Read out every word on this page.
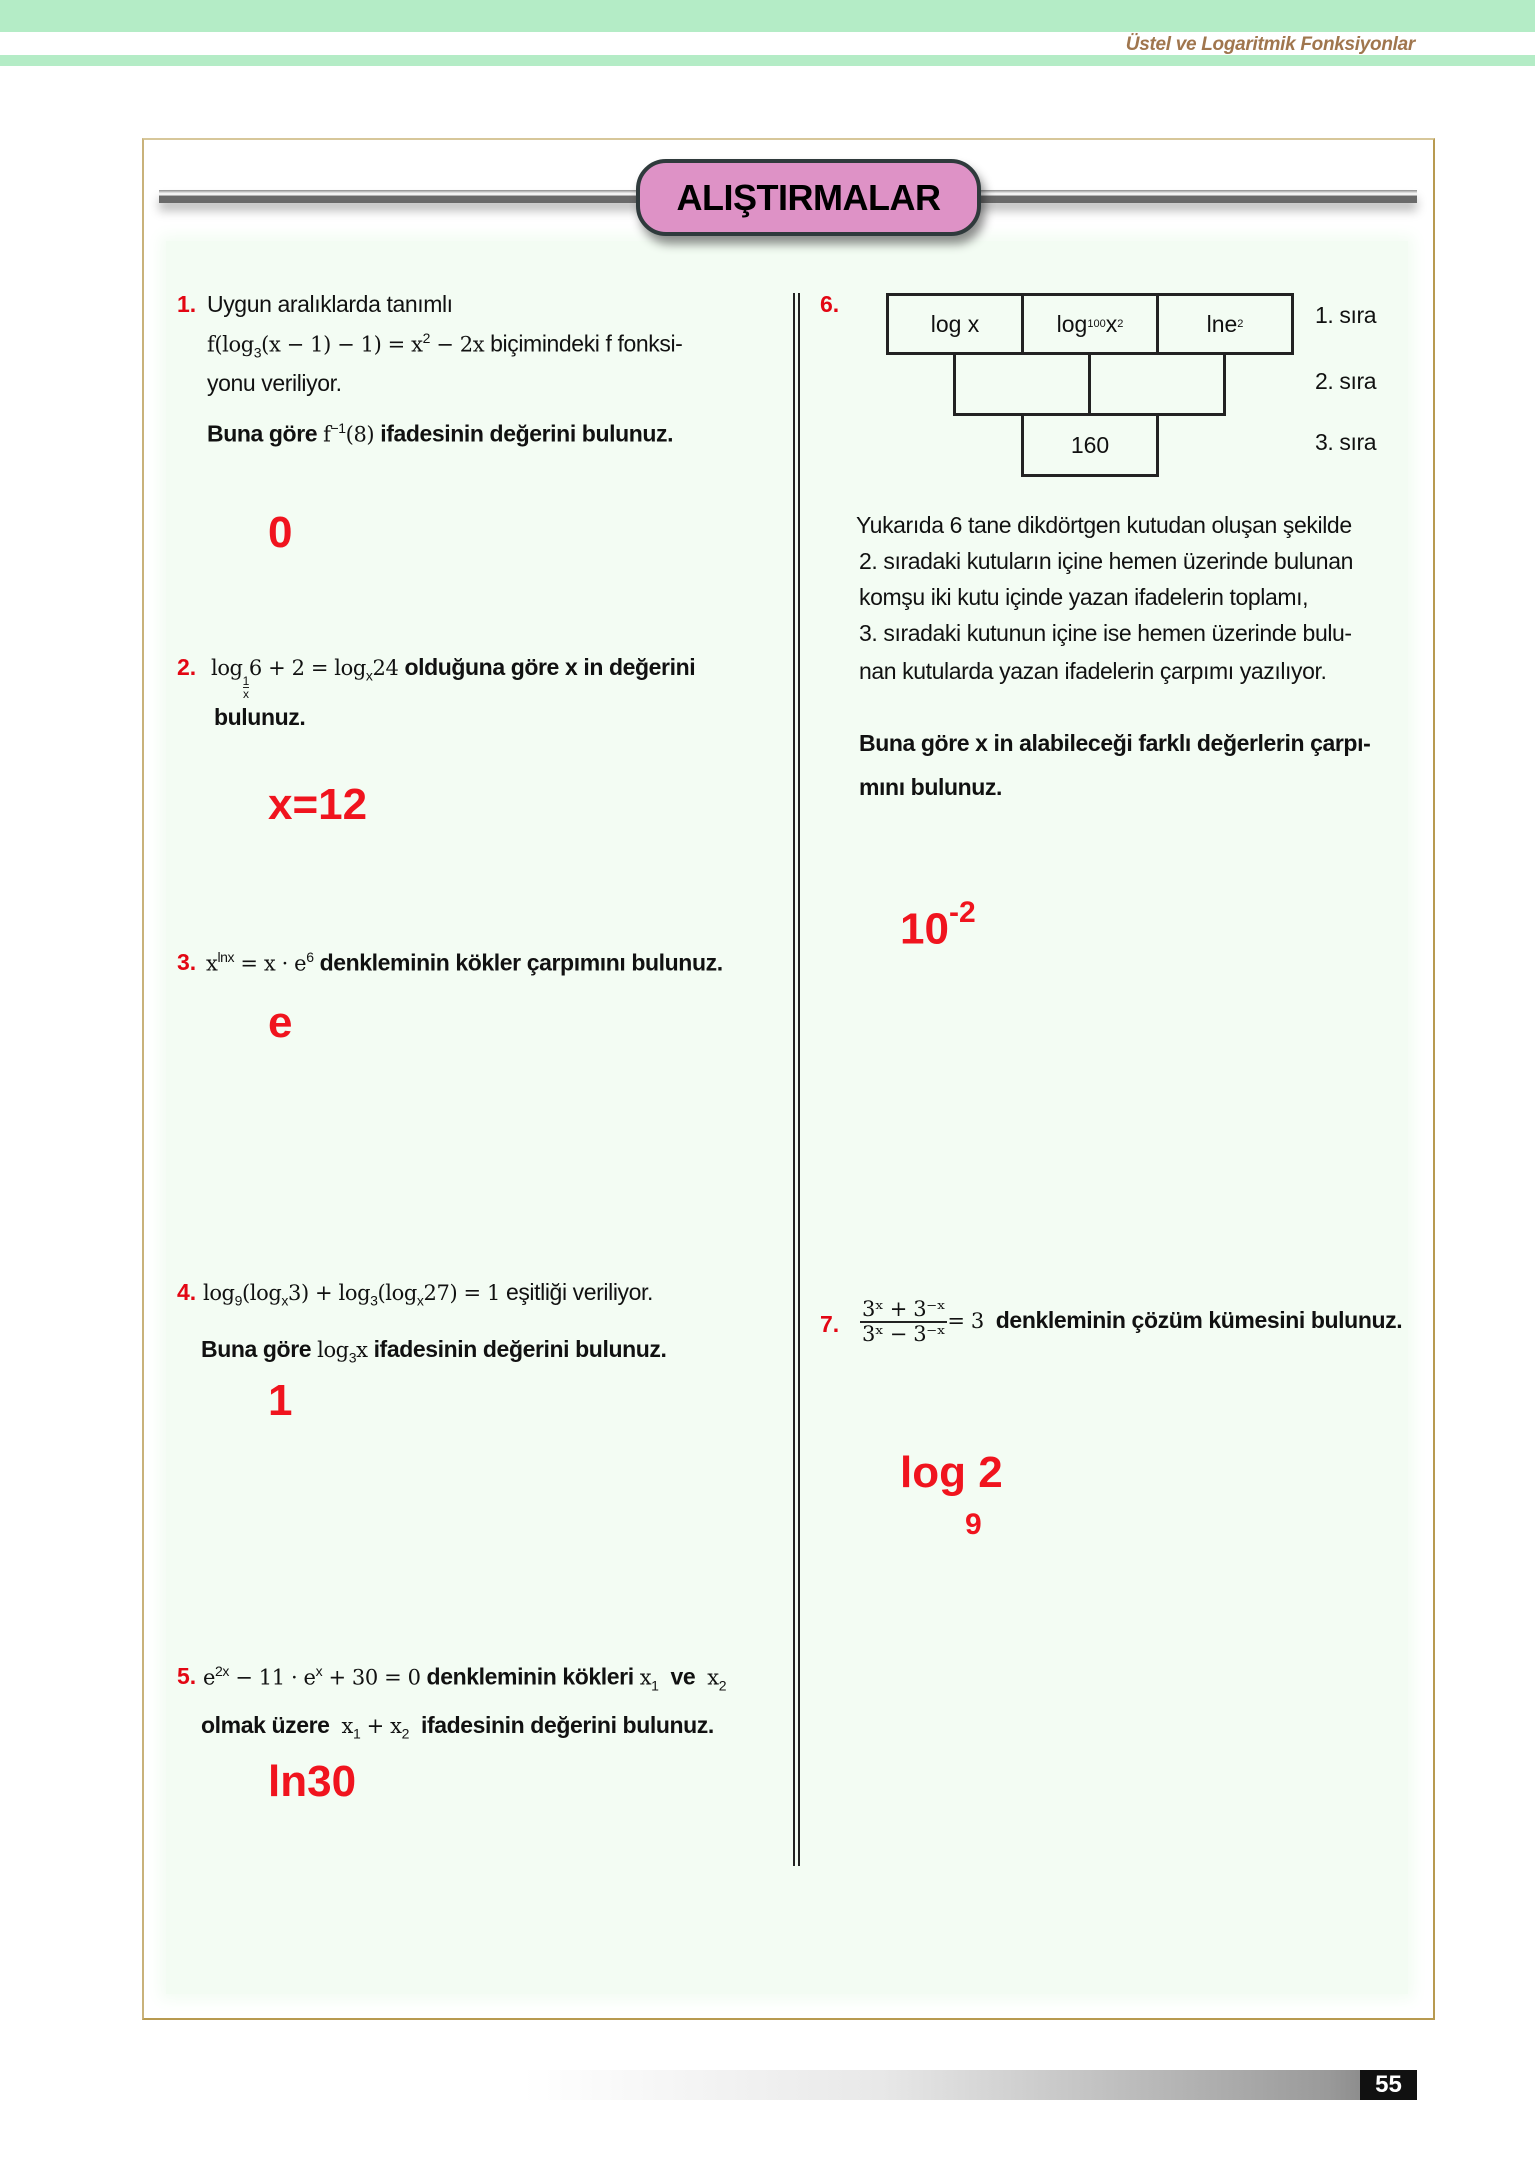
Üstel ve Logaritmik Fonksiyonlar
ALIŞTIRMALAR
1. Uygun aralıklarda tanımlı
$f(\log_3(x - 1) - 1) = x^2 - 2x$ biçimindeki f fonksi-
yonu veriliyor.
Buna göre $f^{-1}(8)$ ifadesinin değerini bulunuz.
0
2. log
$\frac{1}{x}$
$6 + 2 = \log_x24$ olduğuna göre x in değerini
bulunuz.
x=12
3. $x^{lnx} = x \cdot e^6$ denkleminin kökler çarpımını bulunuz.
e
4. $\log_9(\log_x3) + \log_3(\log_x27) = 1$ eşitliği veriliyor.
Buna göre $\log_3x$ ifadesinin değerini bulunuz.
1
5. $e^{2x} - 11 \cdot e^x + 30 = 0$ denkleminin kökleri $x_1$  ve  $x_2$
olmak üzere  $x_1 + x_2$  ifadesinin değerini bulunuz.
ln30
6.
log x	log 100 x 2	lne 2
160
1. sıra
2. sıra
3. sıra
Yukarıda 6 tane dikdörtgen kutudan oluşan şekilde
2. sıradaki kutuların içine hemen üzerinde bulunan
komşu iki kutu içinde yazan ifadelerin toplamı,
3. sıradaki kutunun içine ise hemen üzerinde bulu-
nan kutularda yazan ifadelerin çarpımı yazılıyor.
Buna göre x in alabileceği farklı değerlerin çarpı-
mını bulunuz.
$10^{-2}$
7. $\frac{\text{3ˣ + 3⁻ˣ}}{\text{3ˣ − 3⁻ˣ}} = 3$  denkleminin çözüm kümesini bulunuz.
log 2
9
55
